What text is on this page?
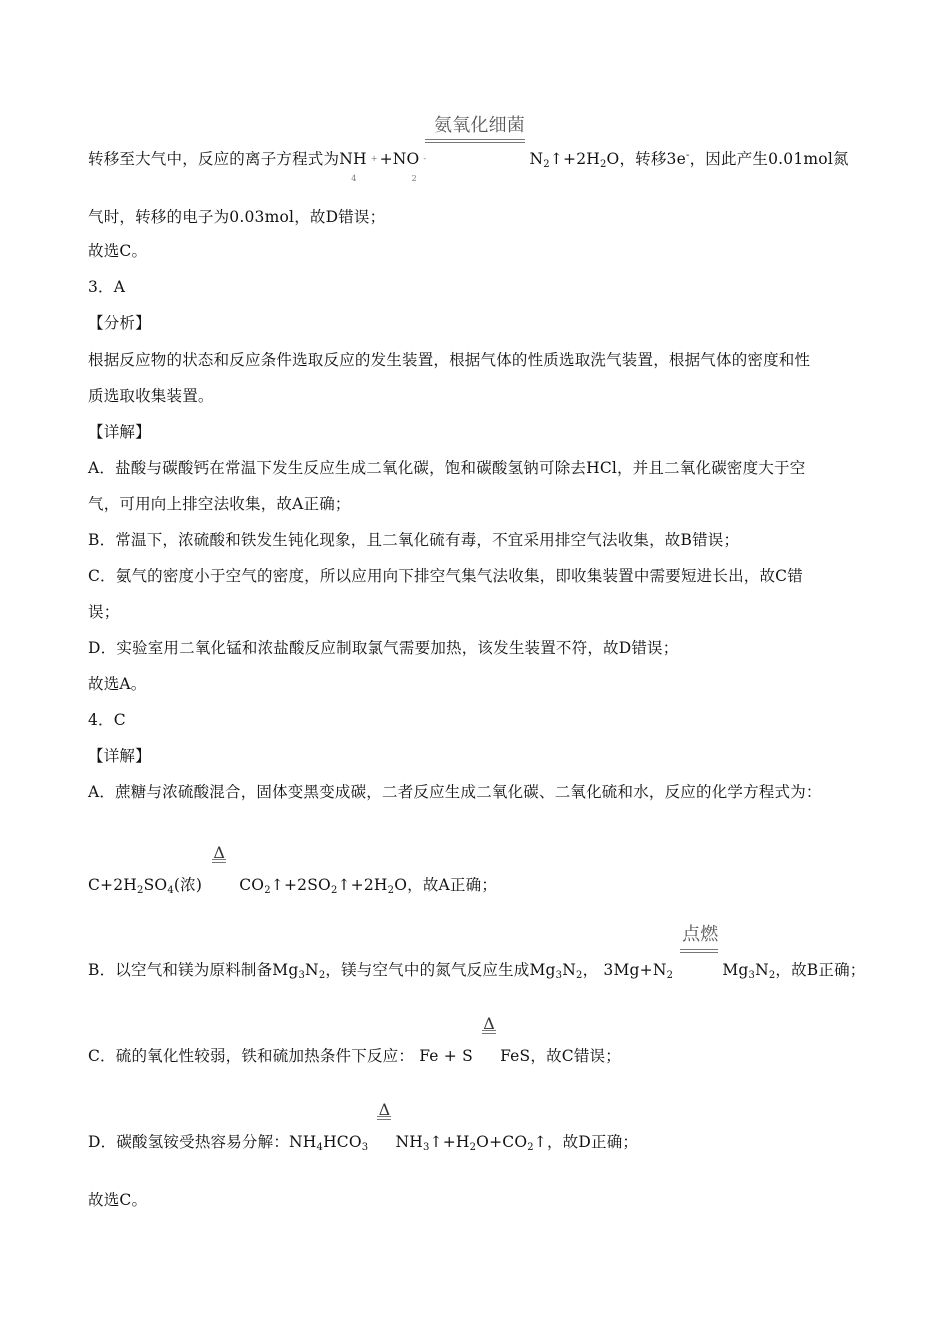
转移至大气中，反应的离子方程式为NH +
4
+NO -
2

氨氧化细菌
$N_2↑+2H_2O$，转移3e-，因此产生0.01mol氮
气时，转移的电子为0.03mol，故D错误；
故选C。
3．A
【分析】
根据反应物的状态和反应条件选取反应的发生装置，根据气体的性质选取洗气装置，根据气体的密度和性
质选取收集装置。
【详解】
A．盐酸与碳酸钙在常温下发生反应生成二氧化碳，饱和碳酸氢钠可除去HCl，并且二氧化碳密度大于空
气，可用向上排空法收集，故A正确；
B．常温下，浓硫酸和铁发生钝化现象，且二氧化硫有毒，不宜采用排空气法收集，故B错误；
C．氨气的密度小于空气的密度，所以应用向下排空气集气法收集，即收集装置中需要短进长出，故C错
误；
D．实验室用二氧化锰和浓盐酸反应制取氯气需要加热，该发生装置不符，故D错误；
故选A。
4．C
【详解】
A．蔗糖与浓硫酸混合，固体变黑变成碳，二者反应生成二氧化碳、二氧化硫和水，反应的化学方程式为：
$C+2H_2SO_4$(浓)
Δ
$CO_2↑+2SO_2↑+2H_2O$，故A正确；
B．以空气和镁为原料制备$Mg_3N_2$，镁与空气中的氮气反应生成$Mg_3N_2$， $3Mg+N_2$
点燃
$Mg_3N_2$，故B正确；
C．硫的氧化性较弱，铁和硫加热条件下反应： Fe + S
Δ
FeS，故C错误；
D．碳酸氢铵受热容易分解：$NH_4HCO_3$
Δ
$NH_3↑+H_2O+CO_2↑$，故D正确；
故选C。
